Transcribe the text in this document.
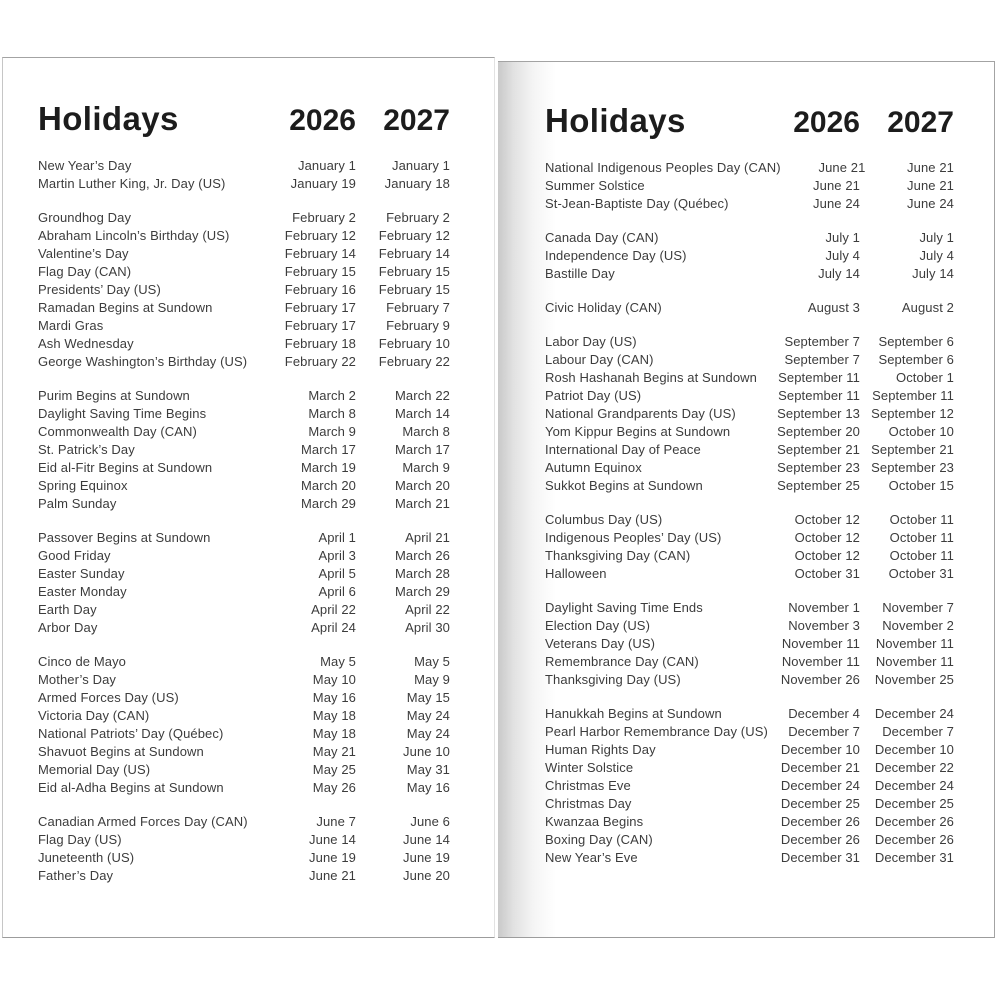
Holidays	2026 2027
New Year’s Day	January 1	January 1
Martin Luther King, Jr. Day (US)	January 19	January 18
Groundhog Day	February 2	February 2
Abraham Lincoln’s Birthday (US)	February 12	February 12
Valentine’s Day	February 14	February 14
Flag Day (CAN)	February 15	February 15
Presidents’ Day (US)	February 16	February 15
Ramadan Begins at Sundown	February 17	February 7
Mardi Gras	February 17	February 9
Ash Wednesday	February 18	February 10
George Washington’s Birthday (US)	February 22	February 22
Purim Begins at Sundown	March 2	March 22
Daylight Saving Time Begins	March 8	March 14
Commonwealth Day (CAN)	March 9	March 8
St. Patrick’s Day	March 17	March 17
Eid al-Fitr Begins at Sundown	March 19	March 9
Spring Equinox	March 20	March 20
Palm Sunday	March 29	March 21
Passover Begins at Sundown	April 1	April 21
Good Friday	April 3	March 26
Easter Sunday	April 5	March 28
Easter Monday	April 6	March 29
Earth Day	April 22	April 22
Arbor Day	April 24	April 30
Cinco de Mayo	May 5	May 5
Mother’s Day	May 10	May 9
Armed Forces Day (US)	May 16	May 15
Victoria Day (CAN)	May 18	May 24
National Patriots’ Day (Québec)	May 18	May 24
Shavuot Begins at Sundown	May 21	June 10
Memorial Day (US)	May 25	May 31
Eid al-Adha Begins at Sundown	May 26	May 16
Canadian Armed Forces Day (CAN)	June 7	June 6
Flag Day (US)	June 14	June 14
Juneteenth (US)	June 19	June 19
Father’s Day	June 21	June 20
Holidays	2026 2027
National Indigenous Peoples Day (CAN)	June 21	June 21
Summer Solstice	June 21	June 21
St-Jean-Baptiste Day (Québec)	June 24	June 24
Canada Day (CAN)	July 1	July 1
Independence Day (US)	July 4	July 4
Bastille Day	July 14	July 14
Civic Holiday (CAN)	August 3	August 2
Labor Day (US)	September 7	September 6
Labour Day (CAN)	September 7	September 6
Rosh Hashanah Begins at Sundown	September 11	October 1
Patriot Day (US)	September 11 September 11
National Grandparents Day (US)	September 13 September 12
Yom Kippur Begins at Sundown	September 20	October 10
International Day of Peace	September 21 September 21
Autumn Equinox	September 23 September 23
Sukkot Begins at Sundown	September 25	October 15
Columbus Day (US)	October 12	October 11
Indigenous Peoples’ Day (US)	October 12	October 11
Thanksgiving Day (CAN)	October 12	October 11
Halloween	October 31	October 31
Daylight Saving Time Ends	November 1	November 7
Election Day (US)	November 3	November 2
Veterans Day (US)	November 11	November 11
Remembrance Day (CAN)	November 11	November 11
Thanksgiving Day (US)	November 26	November 25
Hanukkah Begins at Sundown	December 4	December 24
Pearl Harbor Remembrance Day (US)	December 7	December 7
Human Rights Day	December 10	December 10
Winter Solstice	December 21	December 22
Christmas Eve	December 24	December 24
Christmas Day	December 25	December 25
Kwanzaa Begins	December 26	December 26
Boxing Day (CAN)	December 26	December 26
New Year’s Eve	December 31	December 31
